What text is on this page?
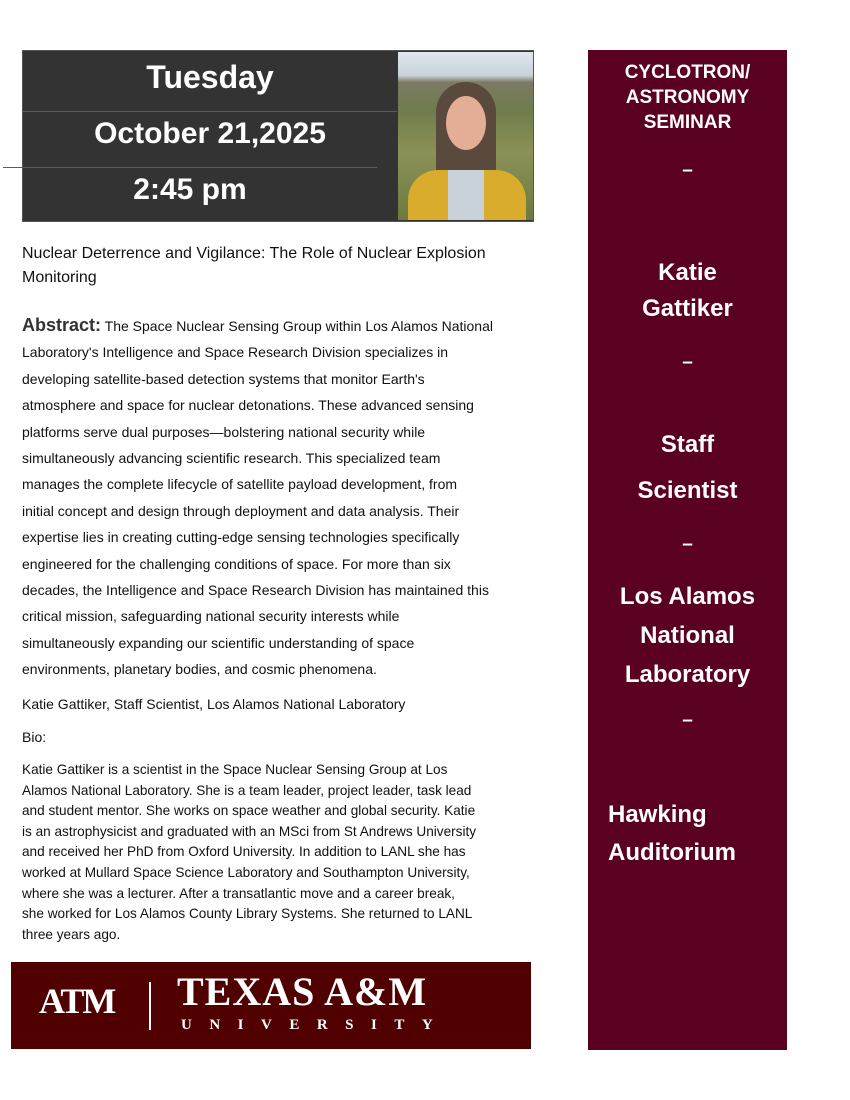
Tuesday
October 21,2025
2:45 pm
Nuclear Deterrence and Vigilance: The Role of Nuclear Explosion
Monitoring
Abstract: The Space Nuclear Sensing Group within Los Alamos National
Laboratory's Intelligence and Space Research Division specializes in
developing satellite-based detection systems that monitor Earth's
atmosphere and space for nuclear detonations. These advanced sensing
platforms serve dual purposes—bolstering national security while
simultaneously advancing scientific research. This specialized team
manages the complete lifecycle of satellite payload development, from
initial concept and design through deployment and data analysis. Their
expertise lies in creating cutting-edge sensing technologies specifically
engineered for the challenging conditions of space. For more than six
decades, the Intelligence and Space Research Division has maintained this
critical mission, safeguarding national security interests while
simultaneously expanding our scientific understanding of space
environments, planetary bodies, and cosmic phenomena.
Katie Gattiker, Staff Scientist, Los Alamos National Laboratory
Bio:
Katie Gattiker is a scientist in the Space Nuclear Sensing Group at Los
Alamos National Laboratory. She is a team leader, project leader, task lead
and student mentor. She works on space weather and global security. Katie
is an astrophysicist and graduated with an MSci from St Andrews University
and received her PhD from Oxford University. In addition to LANL she has
worked at Mullard Space Science Laboratory and Southampton University,
where she was a lecturer. After a transatlantic move and a career break,
she worked for Los Alamos County Library Systems. She returned to LANL
three years ago.
CYCLOTRON/
ASTRONOMY
SEMINAR
–
Katie
Gattiker
–
Staff
Scientist
–
Los Alamos
National
Laboratory
–
Hawking
Auditorium
ATM TEXAS A&M
UNIVERSITY
